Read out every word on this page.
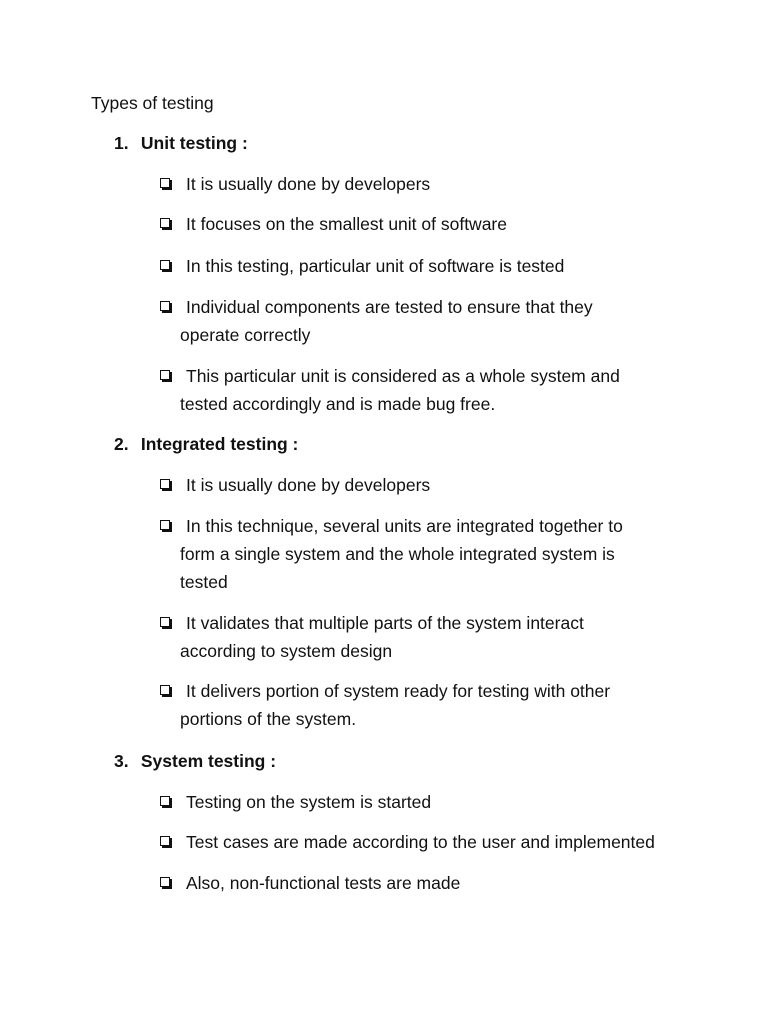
Types of testing
1. Unit testing :
It is usually done by developers
It focuses on the smallest unit of software
In this testing, particular unit of software is tested
Individual components are tested to ensure that they
operate correctly
This particular unit is considered as a whole system and
tested accordingly and is made bug free.
2. Integrated testing :
It is usually done by developers
In this technique, several units are integrated together to
form a single system and the whole integrated system is
tested
It validates that multiple parts of the system interact
according to system design
It delivers portion of system ready for testing with other
portions of the system.
3. System testing :
Testing on the system is started
Test cases are made according to the user and implemented
Also, non-functional tests are made
